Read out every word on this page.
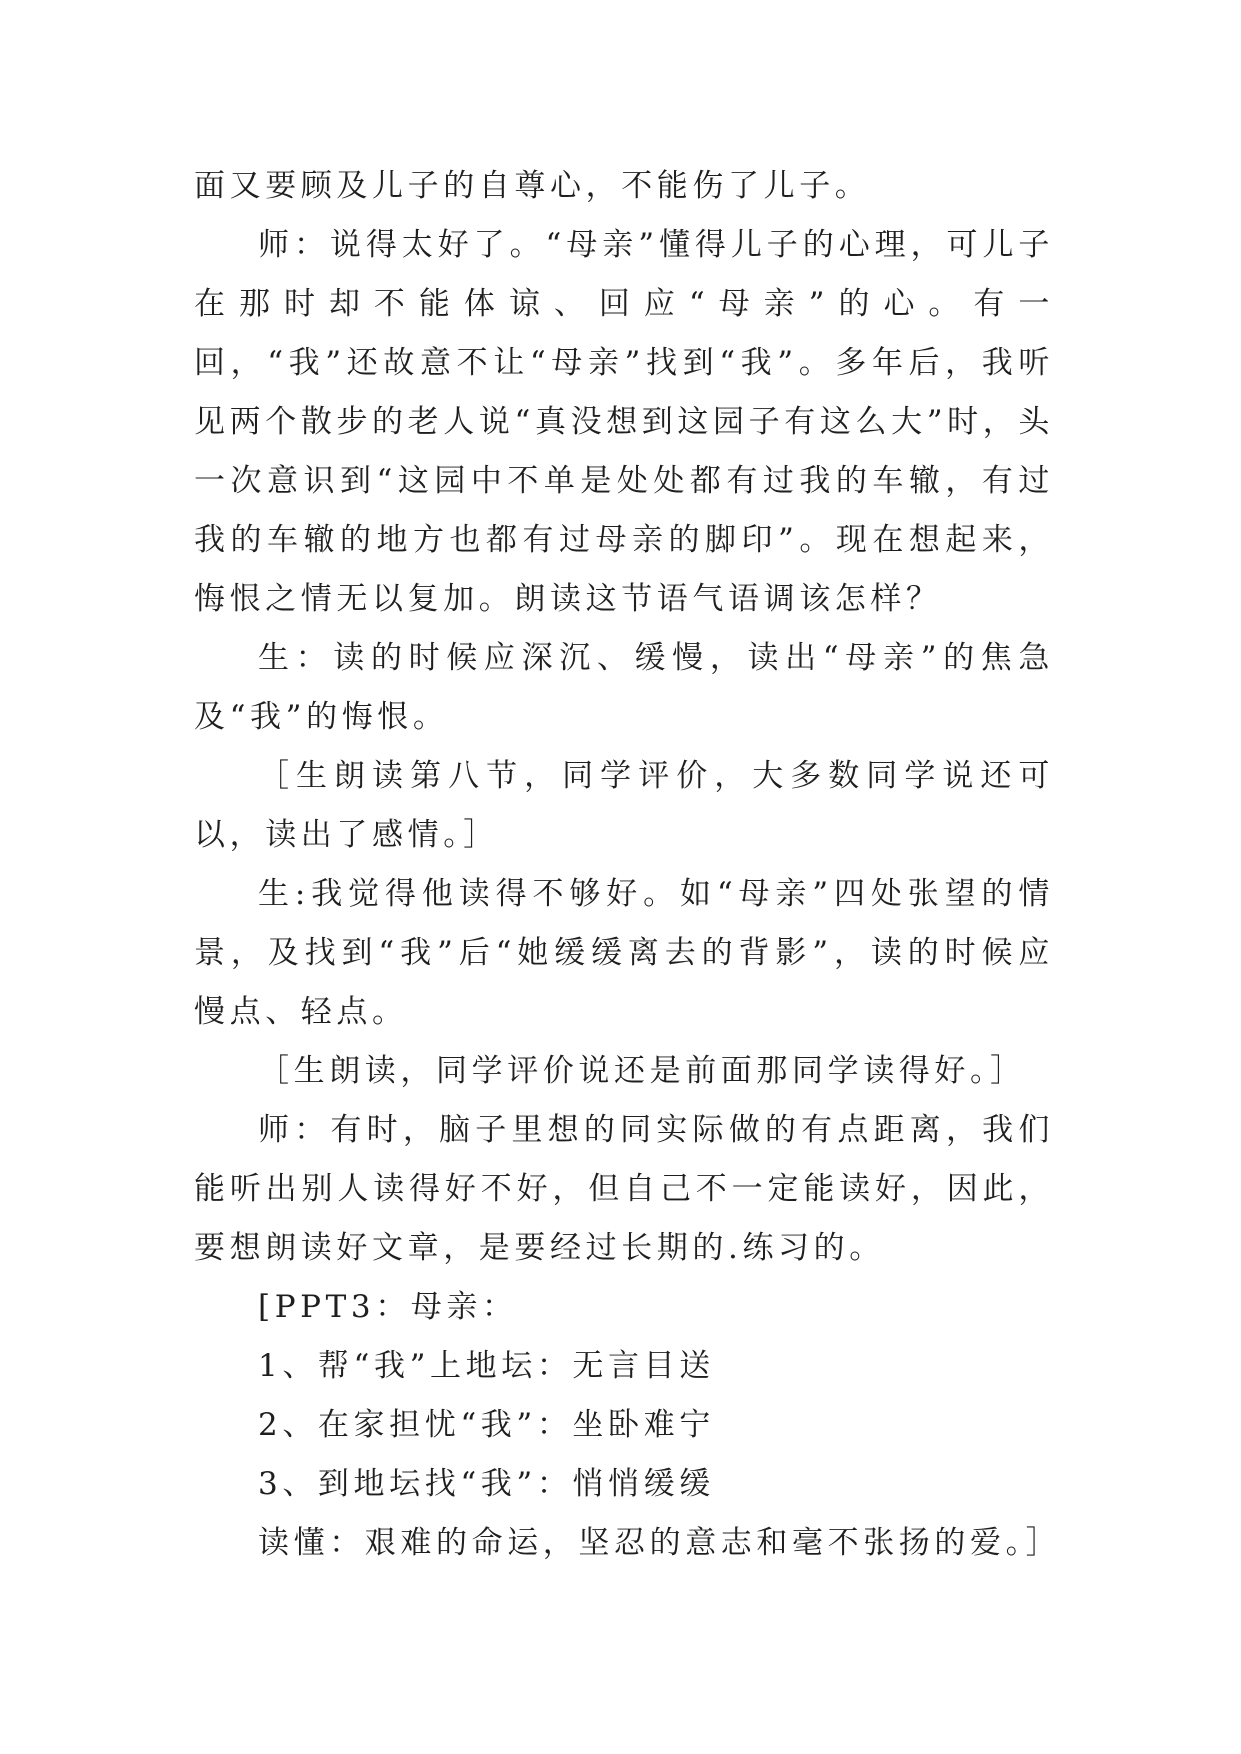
面又要顾及儿子的自尊心，不能伤了儿子。

师：说得太好了。“母亲”懂得儿子的心理，可儿子在那时却不能体谅、回应“母亲”的心。有一回，“我”还故意不让“母亲”找到“我”。多年后，我听见两个散步的老人说“真没想到这园子有这么大”时，头一次意识到“这园中不单是处处都有过我的车辙，有过我的车辙的地方也都有过母亲的脚印”。现在想起来，悔恨之情无以复加。朗读这节语气语调该怎样？

生：读的时候应深沉、缓慢，读出“母亲”的焦急及“我”的悔恨。

［生朗读第八节，同学评价，大多数同学说还可以，读出了感情。］

生:我觉得他读得不够好。如“母亲”四处张望的情景，及找到“我”后“她缓缓离去的背影”，读的时候应慢点、轻点。

［生朗读，同学评价说还是前面那同学读得好。］

师：有时，脑子里想的同实际做的有点距离，我们能听出别人读得好不好，但自己不一定能读好，因此，要想朗读好文章，是要经过长期的.练习的。

[PPT3：母亲：

1、帮“我”上地坛：无言目送

2、在家担忧“我”：坐卧难宁

3、到地坛找“我”：悄悄缓缓

读懂：艰难的命运，坚忍的意志和毫不张扬的爱。］
